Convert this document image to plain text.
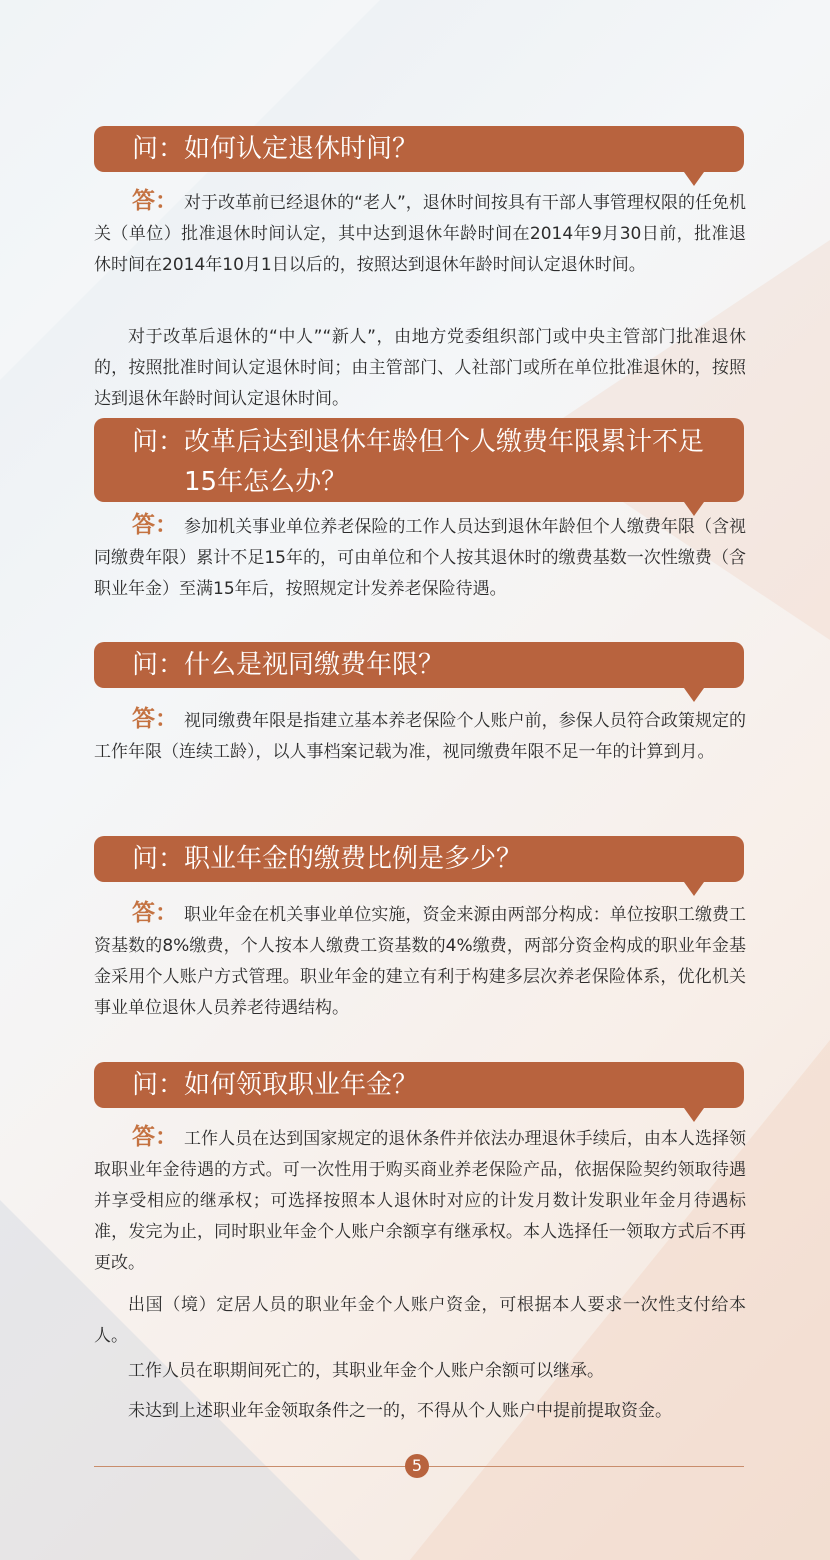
问： 如何认定退休时间？

答： 对于改革前已经退休的“老人”，退休时间按具有干部人事管理权限的任免机关（单位）批准退休时间认定，其中达到退休年龄时间在2014年9月30日前，批准退休时间在2014年10月1日以后的，按照达到退休年龄时间认定退休时间。

对于改革后退休的“中人”“新人”，由地方党委组织部门或中央主管部门批准退休的，按照批准时间认定退休时间；由主管部门、人社部门或所在单位批准退休的，按照达到退休年龄时间认定退休时间。

问： 改革后达到退休年龄但个人缴费年限累计不足15年怎么办？

答： 参加机关事业单位养老保险的工作人员达到退休年龄但个人缴费年限（含视同缴费年限）累计不足15年的，可由单位和个人按其退休时的缴费基数一次性缴费（含职业年金）至满15年后，按照规定计发养老保险待遇。

问： 什么是视同缴费年限？

答： 视同缴费年限是指建立基本养老保险个人账户前，参保人员符合政策规定的工作年限（连续工龄），以人事档案记载为准，视同缴费年限不足一年的计算到月。

问： 职业年金的缴费比例是多少？

答： 职业年金在机关事业单位实施，资金来源由两部分构成：单位按职工缴费工资基数的8%缴费，个人按本人缴费工资基数的4%缴费，两部分资金构成的职业年金基金采用个人账户方式管理。职业年金的建立有利于构建多层次养老保险体系，优化机关事业单位退休人员养老待遇结构。

问： 如何领取职业年金？

答： 工作人员在达到国家规定的退休条件并依法办理退休手续后，由本人选择领取职业年金待遇的方式。可一次性用于购买商业养老保险产品，依据保险契约领取待遇并享受相应的继承权；可选择按照本人退休时对应的计发月数计发职业年金月待遇标准，发完为止，同时职业年金个人账户余额享有继承权。本人选择任一领取方式后不再更改。

出国（境）定居人员的职业年金个人账户资金，可根据本人要求一次性支付给本人。

工作人员在职期间死亡的，其职业年金个人账户余额可以继承。

未达到上述职业年金领取条件之一的，不得从个人账户中提前提取资金。

5
